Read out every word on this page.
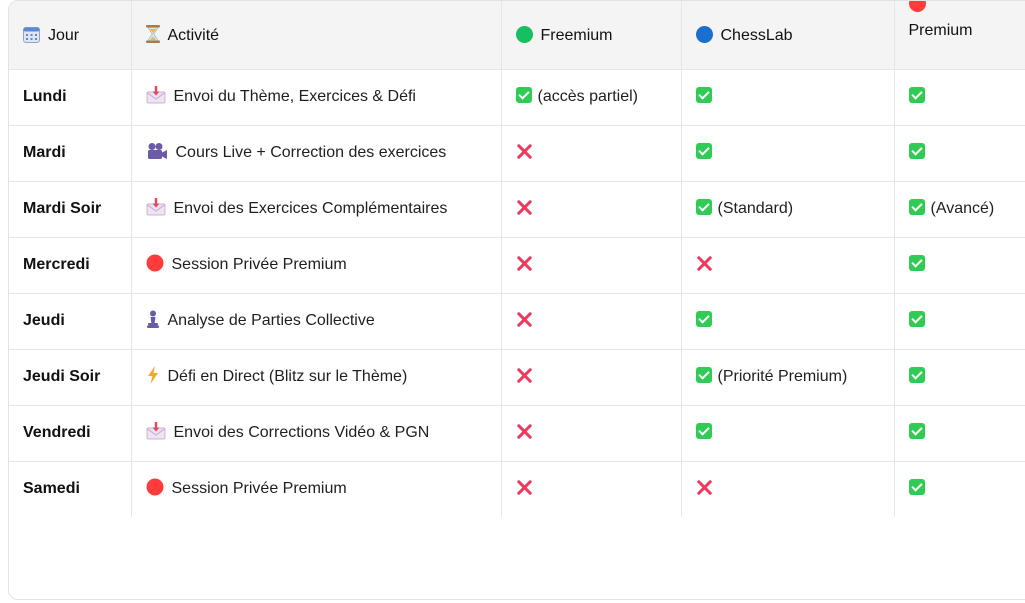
Jour	Activité	Freemium	ChessLab	Premium

Lundi	Envoi du Thème, Exercices & Défi	(accès partiel)		
Mardi	Cours Live + Correction des exercices			
Mardi Soir	Envoi des Exercices Complémentaires		(Standard)	(Avancé)
Mercredi	Session Privée Premium			
Jeudi	Analyse de Parties Collective			
Jeudi Soir	Défi en Direct (Blitz sur le Thème)		(Priorité Premium)	
Vendredi	Envoi des Corrections Vidéo & PGN			
Samedi	Session Privée Premium			
